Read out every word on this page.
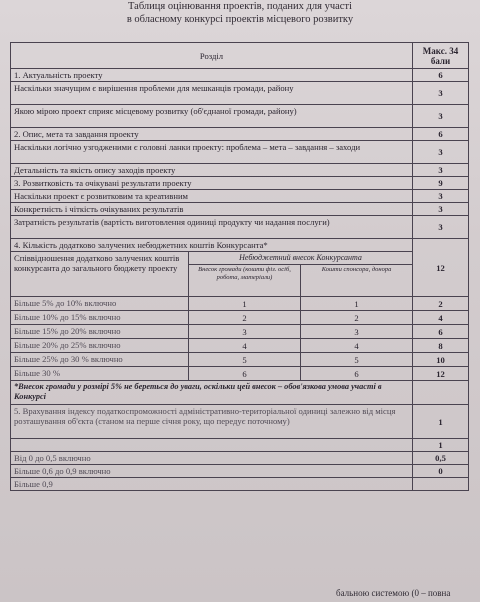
Таблиця оцінювання проектів, поданих для участі
в обласному конкурсі проектів місцевого розвитку
Розділ			Макс. 34 бали
1. Актуальність проекту			6
Наскільки значущим є вирішення проблеми для мешканців громади, району			3
Якою мірою проект сприяє місцевому розвитку (об'єднаної громади, району)			3
2. Опис, мета та завдання проекту			6
Наскільки логічно узгодженими є головні ланки проекту: проблема – мета – завдання – заходи			3
Детальність та якість опису заходів проекту			3
3. Розвитковість та очікувані результати проекту			9
Наскільки проект є розвитковим та креативним			3
Конкретність і чіткість очікуваних результатів			3
Затратність результатів (вартість виготовлення одиниці продукту чи надання послуги)			3
4. Кількість додатково залучених небюджетних коштів Конкурсанта*			12
Співвідношення додатково залучених коштів конкурсанта до загального бюджету проекту	Небюджетний внесок Конкурсанта		
	Внесок громади (кошти фіз. осіб, робота, матеріали)	Кошти спонсора, донора	
Більше 5% до 10% включно	1	1	2
Більше 10% до 15% включно	2	2	4
Більше 15% до 20% включно	3	3	6
Більше 20% до 25% включно	4	4	8
Більше 25% до 30 % включно	5	5	10
Більше 30 %	6	6	12
*Внесок громади у розмірі 5% не береться до уваги, оскільки цей внесок – обов'язкова умова участі в Конкурсі			
5. Врахування індексу податкоспроможності адміністративно-територіальної одиниці залежно від місця розташування об'єкта (станом на перше січня року, що передує поточному)			1
			1
Від 0 до 0,5 включно			0,5
Більше 0,6 до 0,9 включно			0
Більше 0,9			
бальною системою (0 – повна
